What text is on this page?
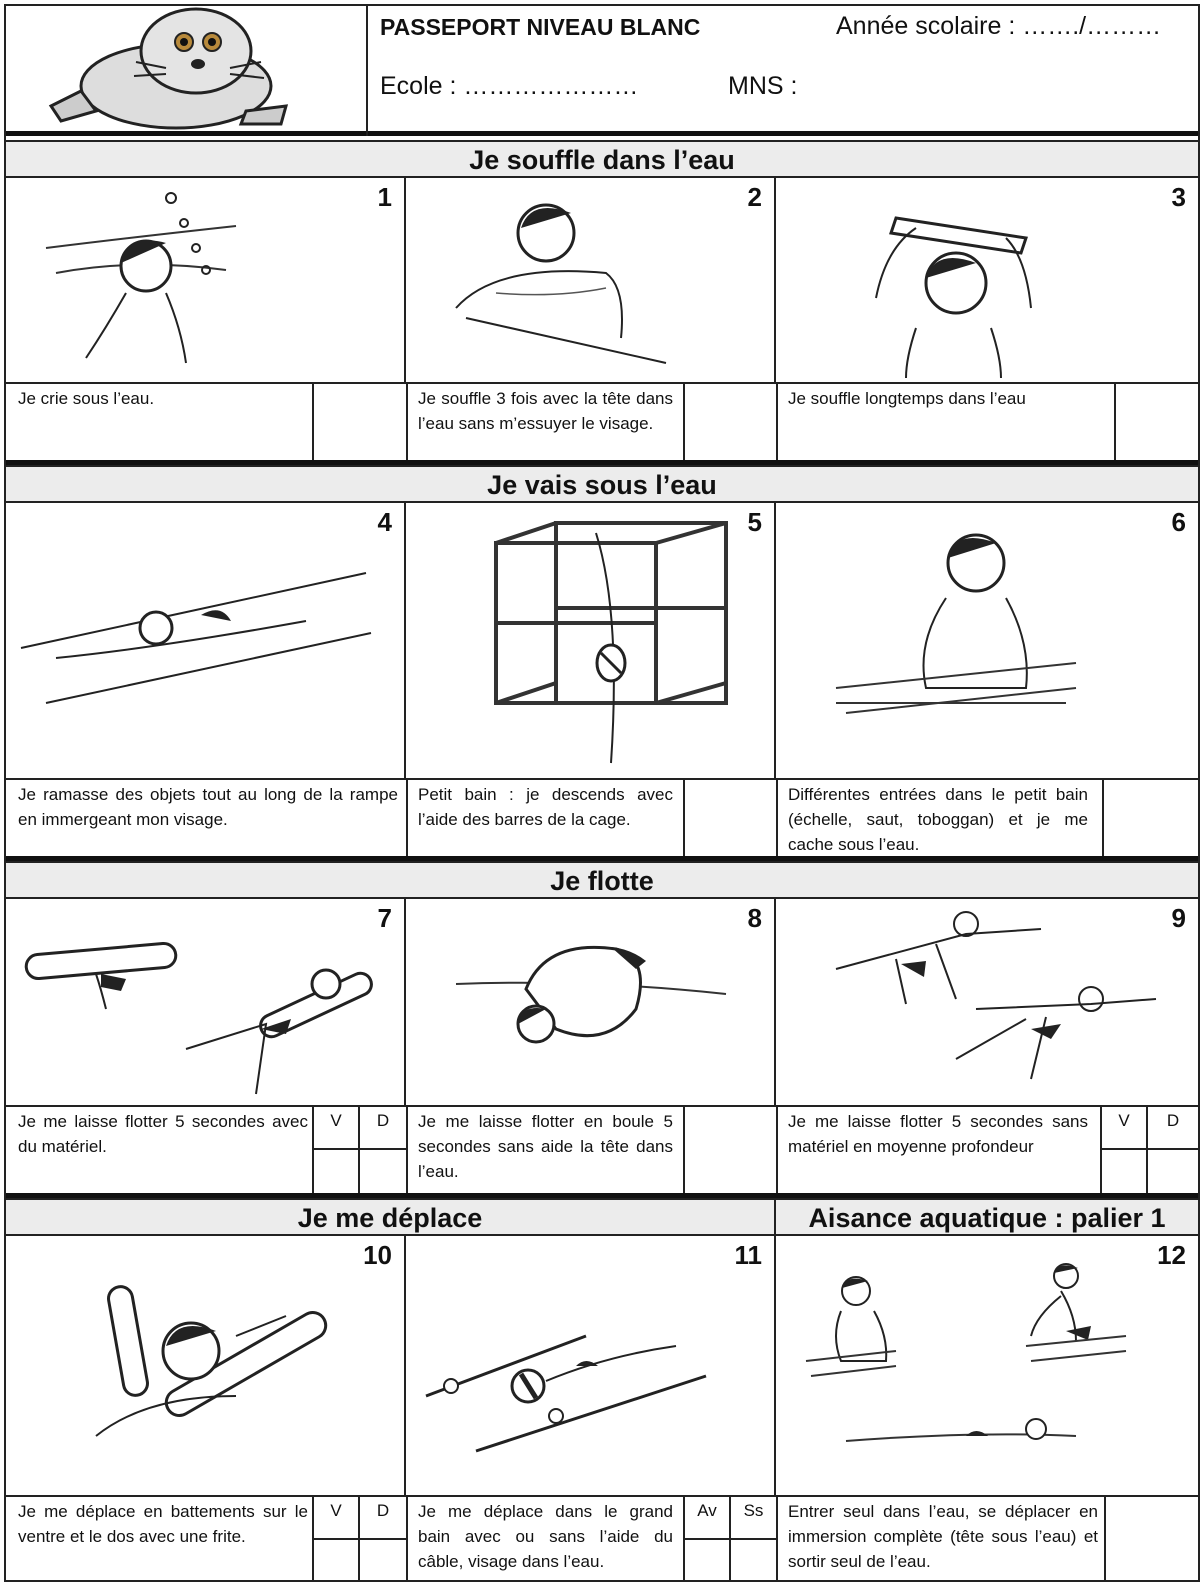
PASSEPORT NIVEAU BLANC	Année scolaire : ……./………
Ecole : …………………	MNS :
Je souffle dans l’eau
1	2	3
Je crie sous l’eau.	Je souffle 3 fois avec la tête dans l’eau sans m’essuyer le visage.
Je souffle longtemps dans l’eau
Je vais sous l’eau
4	5	6
Je ramasse des objets tout au long de la rampe en immergeant mon visage.
Petit bain : je descends avec l’aide des barres de la cage.
Différentes entrées dans le petit bain (échelle, saut, toboggan) et je me cache sous l’eau.
Je flotte
7	8	9
Je me laisse flotter 5 secondes avec du matériel.
Je me laisse flotter en boule 5 secondes sans aide la tête dans l’eau.
Je me laisse flotter 5 secondes sans matériel en moyenne profondeur
V	D	V	D
Je me déplace	Aisance aquatique : palier 1
10	11	12
Je me déplace en battements sur le ventre et le dos avec une frite.
Je me déplace dans le grand bain avec ou sans l’aide du câble, visage dans l’eau.
Entrer seul dans l’eau, se déplacer en immersion complète (tête sous l’eau) et sortir seul de l’eau.
V	D	Av	Ss
